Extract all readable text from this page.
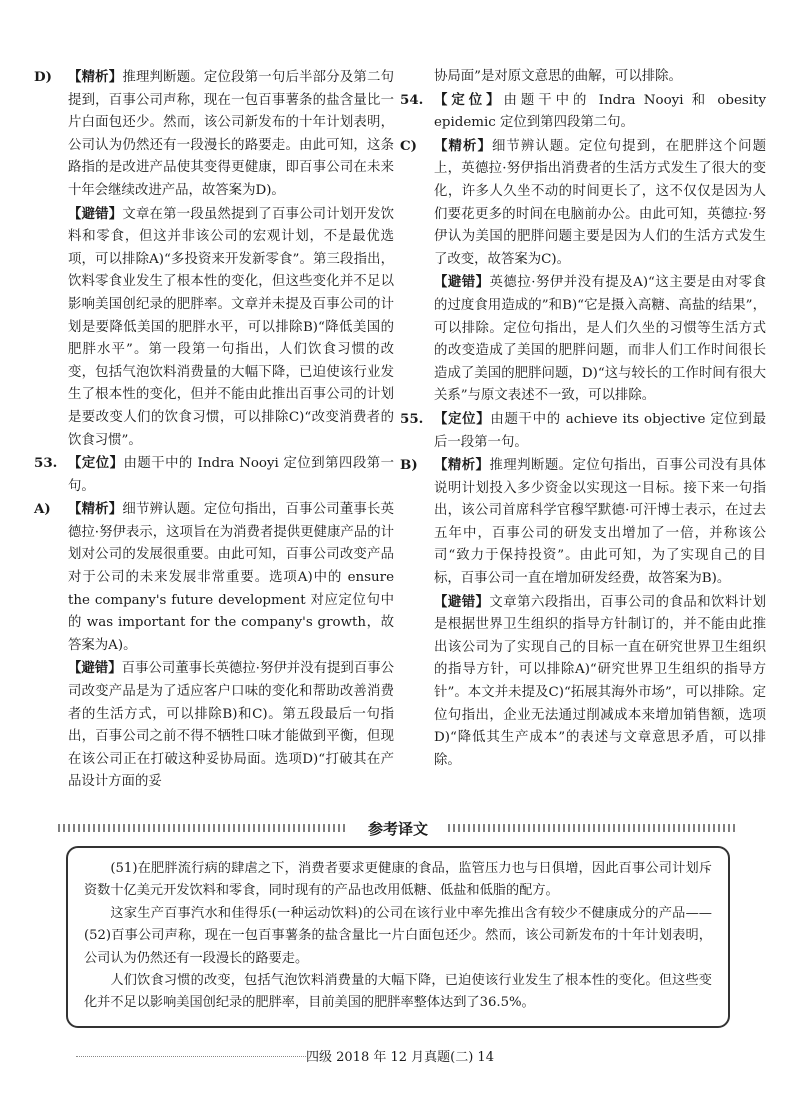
D) 【精析】推理判断题。定位段第一句后半部分及第二句提到，百事公司声称，现在一包百事薯条的盐含量比一片白面包还少。然而，该公司新发布的十年计划表明，公司认为仍然还有一段漫长的路要走。由此可知，这条路指的是改进产品使其变得更健康，即百事公司在未来十年会继续改进产品，故答案为D)。

【避错】文章在第一段虽然提到了百事公司计划开发饮料和零食，但这并非该公司的宏观计划，不是最优选项，可以排除A)“多投资来开发新零食”。第三段指出，饮料零食业发生了根本性的变化，但这些变化并不足以影响美国创纪录的肥胖率。文章并未提及百事公司的计划是要降低美国的肥胖水平，可以排除B)“降低美国的肥胖水平”。第一段第一句指出，人们饮食习惯的改变，包括气泡饮料消费量的大幅下降，已迫使该行业发生了根本性的变化，但并不能由此推出百事公司的计划是要改变人们的饮食习惯，可以排除C)“改变消费者的饮食习惯”。

53. 【定位】由题干中的 Indra Nooyi 定位到第四段第一句。

A) 【精析】细节辨认题。定位句指出，百事公司董事长英德拉·努伊表示，这项旨在为消费者提供更健康产品的计划对公司的发展很重要。由此可知，百事公司改变产品对于公司的未来发展非常重要。选项A)中的 ensure the company's future development 对应定位句中的 was important for the company's growth，故答案为A)。

【避错】百事公司董事长英德拉·努伊并没有提到百事公司改变产品是为了适应客户口味的变化和帮助改善消费者的生活方式，可以排除B)和C)。第五段最后一句指出，百事公司之前不得不牺牲口味才能做到平衡，但现在该公司正在打破这种妥协局面。选项D)“打破其在产品设计方面的妥

协局面”是对原文意思的曲解，可以排除。

54. 【定位】由题干中的 Indra Nooyi 和 obesity epidemic 定位到第四段第二句。

C) 【精析】细节辨认题。定位句提到，在肥胖这个问题上，英德拉·努伊指出消费者的生活方式发生了很大的变化，许多人久坐不动的时间更长了，这不仅仅是因为人们要花更多的时间在电脑前办公。由此可知，英德拉·努伊认为美国的肥胖问题主要是因为人们的生活方式发生了改变，故答案为C)。

【避错】英德拉·努伊并没有提及A)“这主要是由对零食的过度食用造成的”和B)“它是摄入高糖、高盐的结果”，可以排除。定位句指出，是人们久坐的习惯等生活方式的改变造成了美国的肥胖问题，而非人们工作时间很长造成了美国的肥胖问题，D)“这与较长的工作时间有很大关系”与原文表述不一致，可以排除。

55. 【定位】由题干中的 achieve its objective 定位到最后一段第一句。

B) 【精析】推理判断题。定位句指出，百事公司没有具体说明计划投入多少资金以实现这一目标。接下来一句指出，该公司首席科学官穆罕默德·可汗博士表示，在过去五年中，百事公司的研发支出增加了一倍，并称该公司“致力于保持投资”。由此可知，为了实现自己的目标，百事公司一直在增加研发经费，故答案为B)。

【避错】文章第六段指出，百事公司的食品和饮料计划是根据世界卫生组织的指导方针制订的，并不能由此推出该公司为了实现自己的目标一直在研究世界卫生组织的指导方针，可以排除A)“研究世界卫生组织的指导方针”。本文并未提及C)“拓展其海外市场”，可以排除。定位句指出，企业无法通过削减成本来增加销售额，选项D)“降低其生产成本”的表述与文章意思矛盾，可以排除。

参考译文

(51)在肥胖流行病的肆虐之下，消费者要求更健康的食品，监管压力也与日俱增，因此百事公司计划斥资数十亿美元开发饮料和零食，同时现有的产品也改用低糖、低盐和低脂的配方。

这家生产百事汽水和佳得乐(一种运动饮料)的公司在该行业中率先推出含有较少不健康成分的产品——(52)百事公司声称，现在一包百事薯条的盐含量比一片白面包还少。然而，该公司新发布的十年计划表明，公司认为仍然还有一段漫长的路要走。

人们饮食习惯的改变，包括气泡饮料消费量的大幅下降，已迫使该行业发生了根本性的变化。但这些变化并不足以影响美国创纪录的肥胖率，目前美国的肥胖率整体达到了36.5%。

四级 2018 年 12 月真题(二) 14
